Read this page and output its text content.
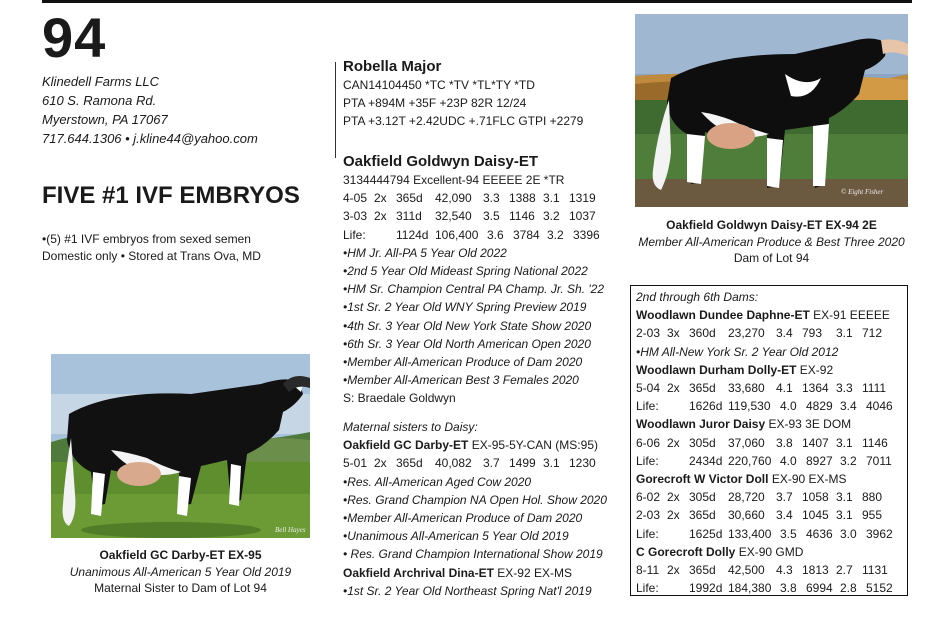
94
Klinedell Farms LLC
610 S. Ramona Rd.
Myerstown, PA 17067
717.644.1306 • j.kline44@yahoo.com
FIVE #1 IVF EMBRYOS
•(5) #1 IVF embryos from sexed semen
Domestic only • Stored at Trans Ova, MD
Bell Hayes
Oakfield GC Darby-ET EX-95
Unanimous All-American 5 Year Old 2019
Maternal Sister to Dam of Lot 94
Robella Major
CAN14104450 *TC *TV *TL*TY *TD
PTA +894M +35F +23P 82R 12/24
PTA +3.12T +2.42UDC +.71FLC GTPI +2279
Oakfield Goldwyn Daisy-ET
3134444794 Excellent-94 EEEEE 2E *TR
4-05 2x 365d	42,090 3.3 1388 3.1 1319
3-03 2x 311d	32,540 3.5 1146 3.2 1037
Life:	1124d 106,400 3.6 3784 3.2 3396
•HM Jr. All-PA 5 Year Old 2022
•2nd 5 Year Old Mideast Spring National 2022
•HM Sr. Champion Central PA Champ. Jr. Sh. '22
•1st Sr. 2 Year Old WNY Spring Preview 2019
•4th Sr. 3 Year Old New York State Show 2020
•6th Sr. 3 Year Old North American Open 2020
•Member All-American Produce of Dam 2020
•Member All-American Best 3 Females 2020
S: Braedale Goldwyn
Maternal sisters to Daisy:
Oakfield GC Darby-ET EX-95-5Y-CAN (MS:95)
5-01 2x 365d	40,082 3.7 1499 3.1 1230
•Res. All-American Aged Cow 2020
•Res. Grand Champion NA Open Hol. Show 2020
•Member All-American Produce of Dam 2020
•Unanimous All-American 5 Year Old 2019
• Res. Grand Champion International Show 2019
Oakfield Archrival Dina-ET EX-92 EX-MS
•1st Sr. 2 Year Old Northeast Spring Nat'l 2019
© Eight Fisher
Oakfield Goldwyn Daisy-ET EX-94 2E
Member All-American Produce & Best Three 2020
Dam of Lot 94
2nd through 6th Dams:
Woodlawn Dundee Daphne-ET EX-91 EEEEE
2-03 3x 360d	23,270 3.4 793	3.1 712
•HM All-New York Sr. 2 Year Old 2012
Woodlawn Durham Dolly-ET EX-92
5-04 2x 365d	33,680 4.1 1364 3.3 1111
Life:	1626d 119,530 4.0 4829 3.4 4046
Woodlawn Juror Daisy EX-93 3E DOM
6-06 2x 305d	37,060 3.8 1407 3.1 1146
Life:	2434d 220,760 4.0 8927 3.2 7011
Gorecroft W Victor Doll EX-90 EX-MS
6-02 2x 305d	28,720 3.7 1058 3.1 880
2-03 2x 365d	30,660 3.4 1045 3.1 955
Life:	1625d 133,400 3.5 4636 3.0 3962
C Gorecroft Dolly EX-90 GMD
8-11 2x 365d	42,500 4.3 1813 2.7 1131
Life:	1992d 184,380 3.8 6994 2.8 5152
